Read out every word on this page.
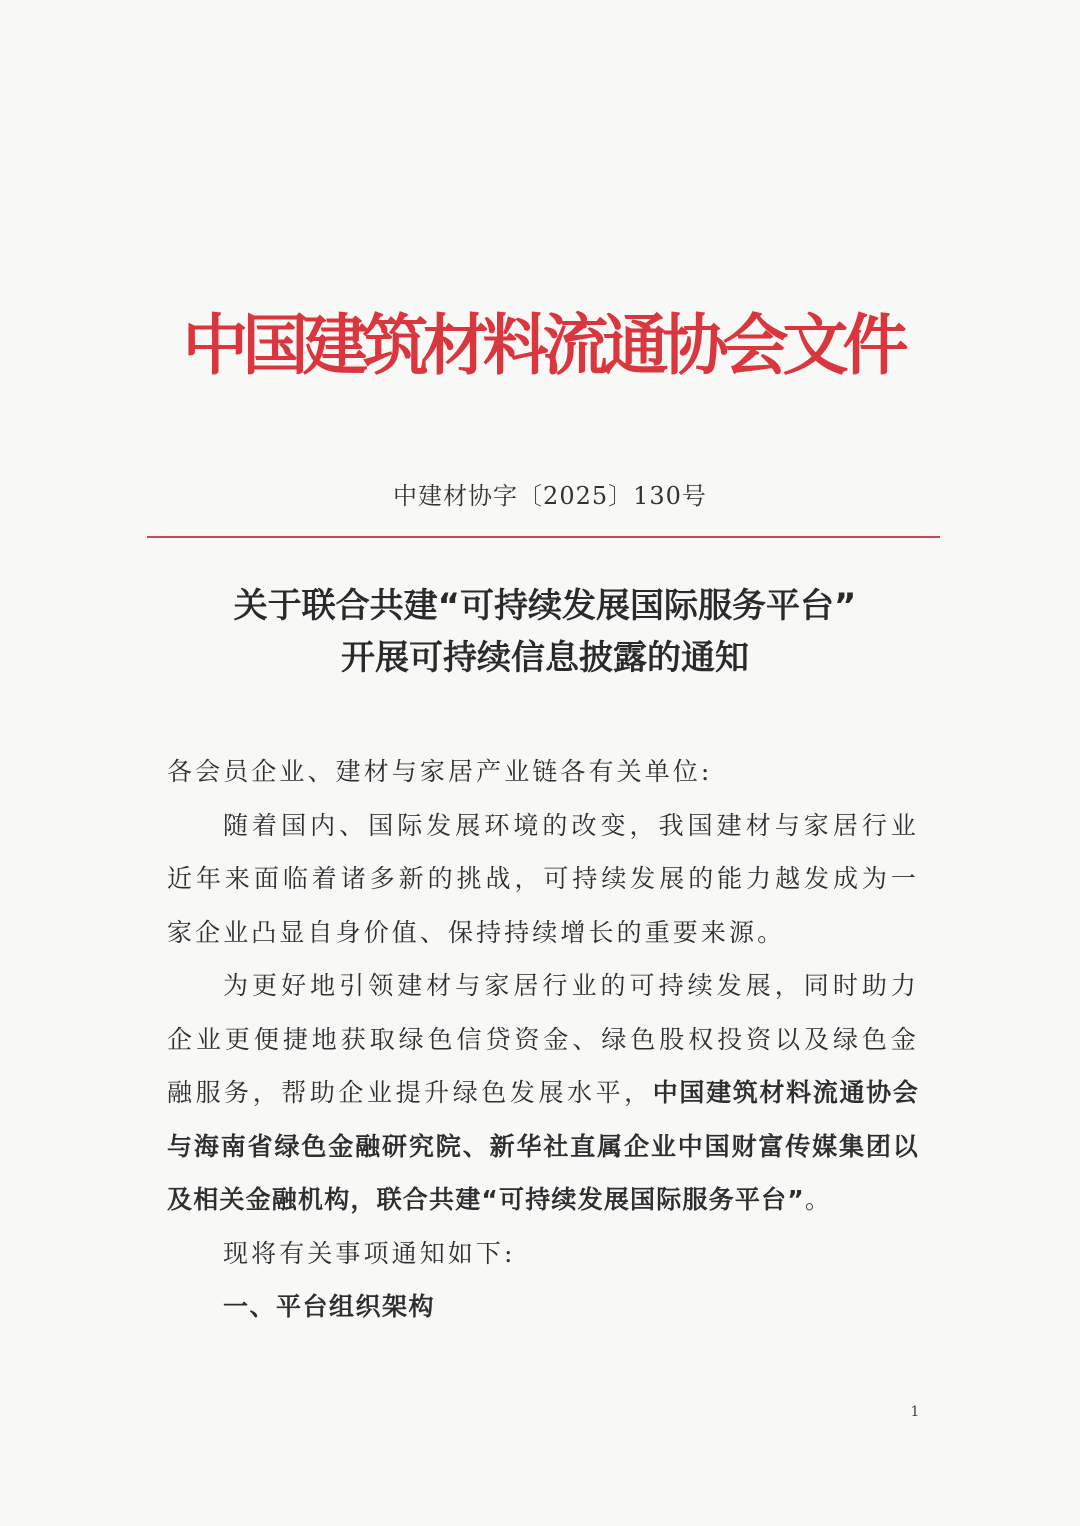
中国建筑材料流通协会文件
中建材协字〔2025〕130号
关于联合共建“可持续发展国际服务平台”
开展可持续信息披露的通知

各会员企业、建材与家居产业链各有关单位:

随着国内、国际发展环境的改变，我国建材与家居行业近年来面临着诸多新的挑战，可持续发展的能力越发成为一家企业凸显自身价值、保持持续增长的重要来源。

为更好地引领建材与家居行业的可持续发展，同时助力企业更便捷地获取绿色信贷资金、绿色股权投资以及绿色金融服务，帮助企业提升绿色发展水平，中国建筑材料流通协会与海南省绿色金融研究院、新华社直属企业中国财富传媒集团以及相关金融机构，联合共建“可持续发展国际服务平台”。

现将有关事项通知如下:

一、平台组织架构

1
